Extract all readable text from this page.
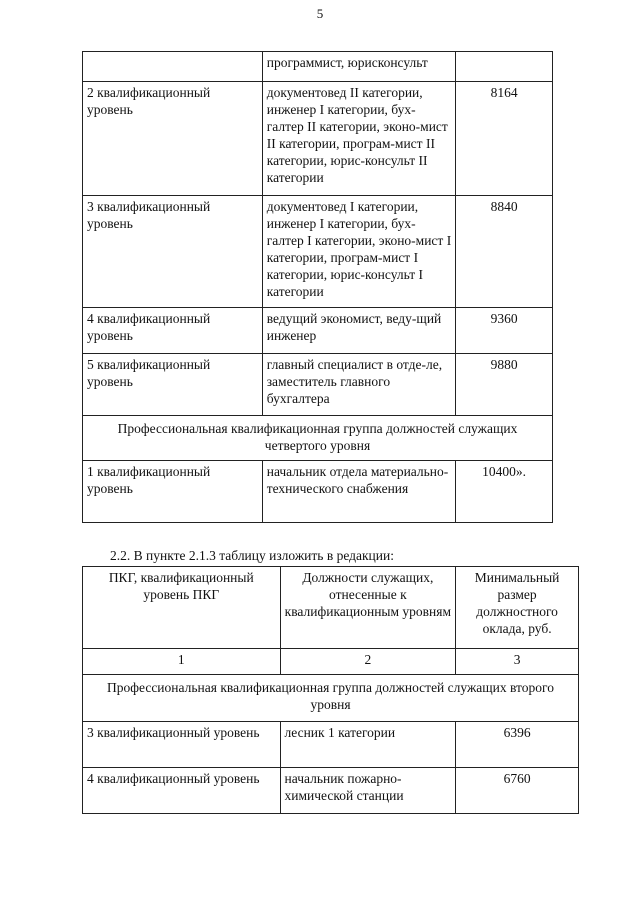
5
	программист, юрисконсульт	
2 квалификационный уровень	документовед II категории, инженер I категории, бух-галтер II категории, эконо-мист II категории, програм-мист II категории, юрис-консульт II категории	8164
3 квалификационный уровень	документовед I категории, инженер I категории, бух-галтер I категории, эконо-мист I категории, програм-мист I категории, юрис-консульт I категории	8840
4 квалификационный уровень	ведущий экономист, веду-щий инженер	9360
5 квалификационный уровень	главный специалист в отде-ле, заместитель главного бухгалтера	9880
Профессиональная квалификационная группа должностей служащих четвертого уровня		
1 квалификационный уровень	начальник отдела материально-технического снабжения	10400».
2.2. В пункте 2.1.3 таблицу изложить в редакции:
ПКГ, квалификационный уровень ПКГ	Должности служащих, отнесенные к квалификационным уровням	Минимальный размер должностного оклада, руб.
1	2	3
Профессиональная квалификационная группа должностей служащих второго уровня		
3 квалификационный уровень	лесник 1 категории	6396
4 квалификационный уровень	начальник пожарно-химической станции	6760
